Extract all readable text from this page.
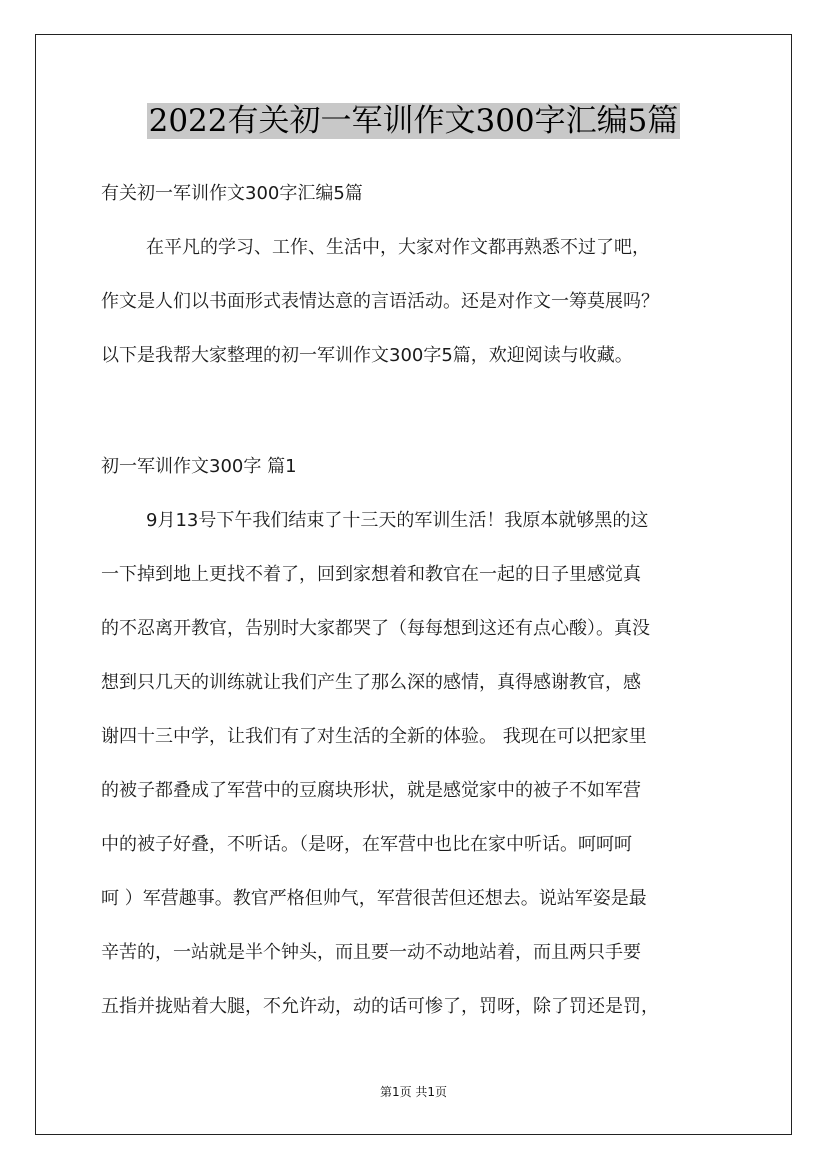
2022有关初一军训作文300字汇编5篇
有关初一军训作文300字汇编5篇
在平凡的学习、工作、生活中，大家对作文都再熟悉不过了吧，
作文是人们以书面形式表情达意的言语活动。还是对作文一筹莫展吗？
以下是我帮大家整理的初一军训作文300字5篇，欢迎阅读与收藏。
初一军训作文300字 篇1
9月13号下午我们结束了十三天的军训生活！我原本就够黑的这
一下掉到地上更找不着了，回到家想着和教官在一起的日子里感觉真
的不忍离开教官，告别时大家都哭了（每每想到这还有点心酸）。真没
想到只几天的训练就让我们产生了那么深的感情，真得感谢教官，感
谢四十三中学，让我们有了对生活的全新的体验。 我现在可以把家里
的被子都叠成了军营中的豆腐块形状，就是感觉家中的被子不如军营
中的被子好叠，不听话。（是呀，在军营中也比在家中听话。呵呵呵
呵 ）军营趣事。教官严格但帅气，军营很苦但还想去。说站军姿是最
辛苦的，一站就是半个钟头，而且要一动不动地站着，而且两只手要
五指并拢贴着大腿，不允许动，动的话可惨了，罚呀，除了罚还是罚，
第1页 共1页
